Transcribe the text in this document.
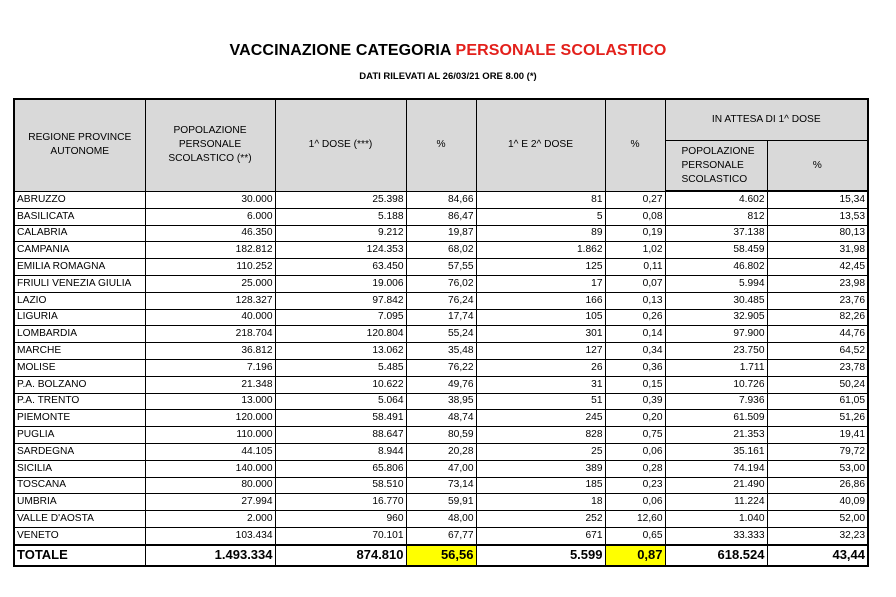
VACCINAZIONE CATEGORIA PERSONALE SCOLASTICO
DATI RILEVATI AL 26/03/21 ORE 8.00 (*)
REGIONE PROVINCE AUTONOME	POPOLAZIONE PERSONALE SCOLASTICO (**)	1^ DOSE (***)	%	1^ E 2^ DOSE	%	IN ATTESA DI 1^ DOSE	
						POPOLAZIONE PERSONALE SCOLASTICO	%
ABRUZZO	30.000	25.398	84,66	81	0,27	4.602	15,34
BASILICATA	6.000	5.188	86,47	5	0,08	812	13,53
CALABRIA	46.350	9.212	19,87	89	0,19	37.138	80,13
CAMPANIA	182.812	124.353	68,02	1.862	1,02	58.459	31,98
EMILIA ROMAGNA	110.252	63.450	57,55	125	0,11	46.802	42,45
FRIULI VENEZIA GIULIA	25.000	19.006	76,02	17	0,07	5.994	23,98
LAZIO	128.327	97.842	76,24	166	0,13	30.485	23,76
LIGURIA	40.000	7.095	17,74	105	0,26	32.905	82,26
LOMBARDIA	218.704	120.804	55,24	301	0,14	97.900	44,76
MARCHE	36.812	13.062	35,48	127	0,34	23.750	64,52
MOLISE	7.196	5.485	76,22	26	0,36	1.711	23,78
P.A. BOLZANO	21.348	10.622	49,76	31	0,15	10.726	50,24
P.A. TRENTO	13.000	5.064	38,95	51	0,39	7.936	61,05
PIEMONTE	120.000	58.491	48,74	245	0,20	61.509	51,26
PUGLIA	110.000	88.647	80,59	828	0,75	21.353	19,41
SARDEGNA	44.105	8.944	20,28	25	0,06	35.161	79,72
SICILIA	140.000	65.806	47,00	389	0,28	74.194	53,00
TOSCANA	80.000	58.510	73,14	185	0,23	21.490	26,86
UMBRIA	27.994	16.770	59,91	18	0,06	11.224	40,09
VALLE D'AOSTA	2.000	960	48,00	252	12,60	1.040	52,00
VENETO	103.434	70.101	67,77	671	0,65	33.333	32,23
TOTALE	1.493.334	874.810	56,56	5.599	0,87	618.524	43,44
